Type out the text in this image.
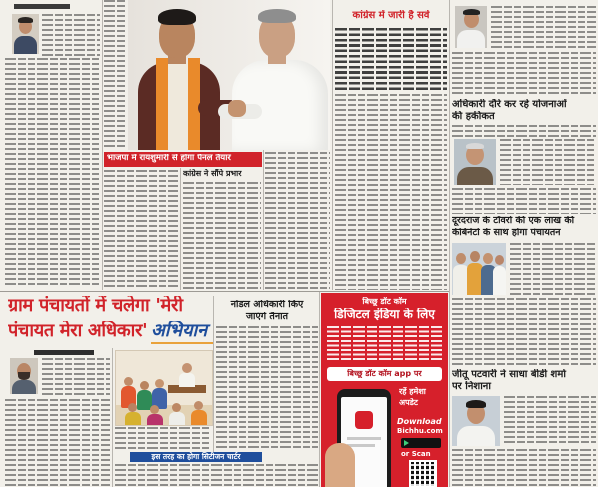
भाजपा में रायशुमारी से होगा पैनल तैयार
कांग्रेस ने सौंपे प्रभार
कांग्रेस में जारी है सर्वे
अधिकारी दौरे कर रहे योजनाओं
की हकीकत
दूरदराज के टॉवरों की एक लाख की
केबिनेटों के साथ होगा पंचायतन
जीतू पटवारी ने साधा बीडी शर्मा
पर निशाना
ग्राम पंचायतों में चलेगा 'मेरी
पंचायत मेरा अधिकार' अभियान
नोडल अधिकारी किए
जाएंगे तैनात
इस तरह का होगा सिटीजन चार्टर
बिच्छू डॉट कॉम
डिजिटल इंडिया के लिए
बिच्छू डॉट कॉम app पर
रहें हमेशा
अपडेट
Download
Bichhu.com
or Scan
